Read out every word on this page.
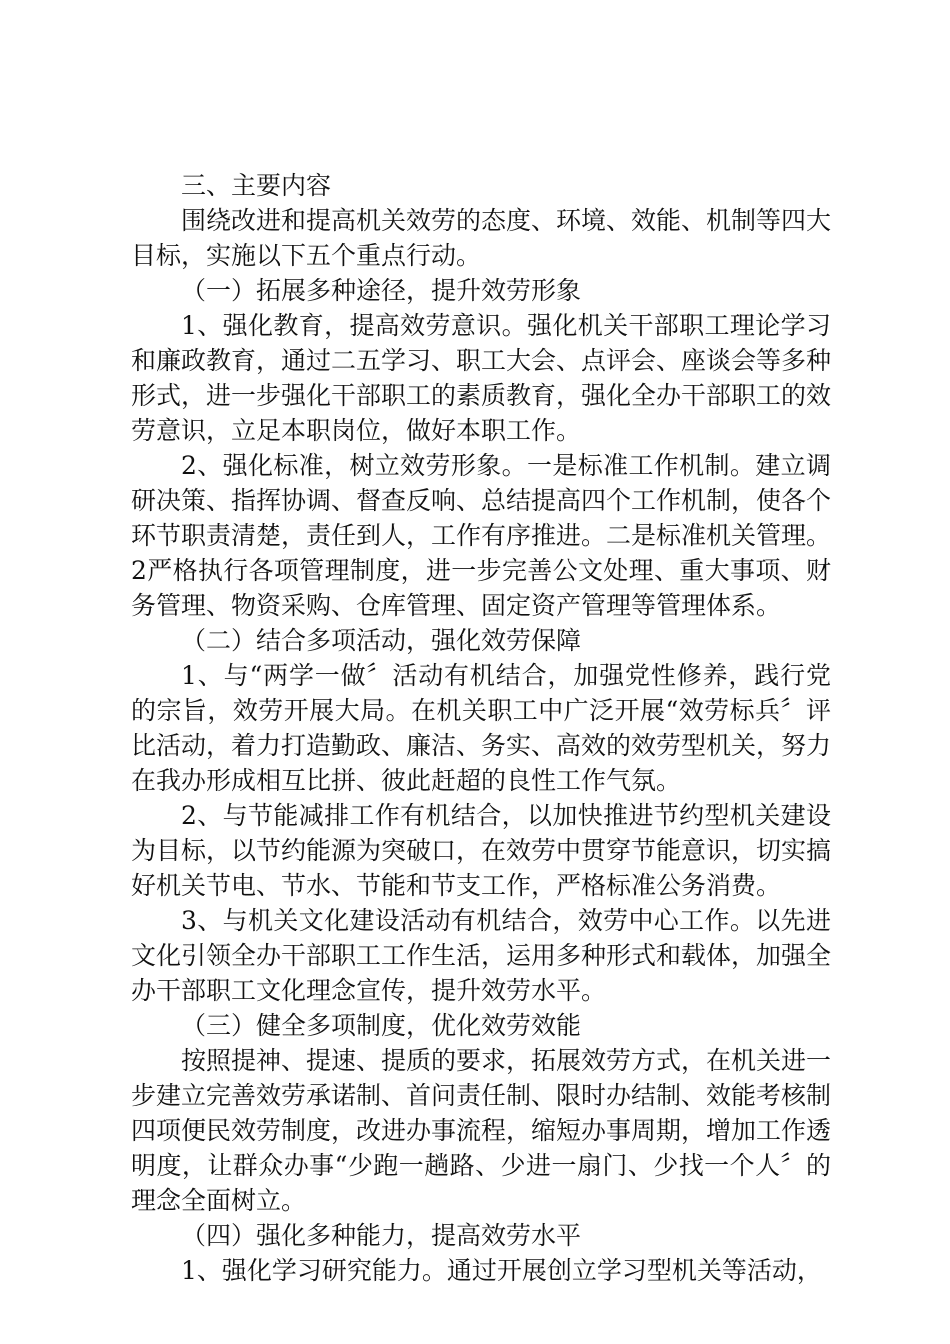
三、主要内容

围绕改进和提高机关效劳的态度、环境、效能、机制等四大目标，实施以下五个重点行动。

（一）拓展多种途径，提升效劳形象

1、强化教育，提高效劳意识。强化机关干部职工理论学习和廉政教育，通过二五学习、职工大会、点评会、座谈会等多种形式，进一步强化干部职工的素质教育，强化全办干部职工的效劳意识，立足本职岗位，做好本职工作。

2、强化标准，树立效劳形象。一是标准工作机制。建立调研决策、指挥协调、督查反响、总结提高四个工作机制，使各个环节职责清楚，责任到人，工作有序推进。二是标准机关管理。2严格执行各项管理制度，进一步完善公文处理、重大事项、财务管理、物资采购、仓库管理、固定资产管理等管理体系。

（二）结合多项活动，强化效劳保障

1、与“两学一做〞活动有机结合，加强党性修养，践行党的宗旨，效劳开展大局。在机关职工中广泛开展“效劳标兵〞评比活动，着力打造勤政、廉洁、务实、高效的效劳型机关，努力在我办形成相互比拼、彼此赶超的良性工作气氛。

2、与节能减排工作有机结合，以加快推进节约型机关建设为目标，以节约能源为突破口，在效劳中贯穿节能意识，切实搞好机关节电、节水、节能和节支工作，严格标准公务消费。

3、与机关文化建设活动有机结合，效劳中心工作。以先进文化引领全办干部职工工作生活，运用多种形式和载体，加强全办干部职工文化理念宣传，提升效劳水平。

（三）健全多项制度，优化效劳效能

按照提神、提速、提质的要求，拓展效劳方式，在机关进一步建立完善效劳承诺制、首问责任制、限时办结制、效能考核制四项便民效劳制度，改进办事流程，缩短办事周期，增加工作透明度，让群众办事“少跑一趟路、少进一扇门、少找一个人〞的理念全面树立。

（四）强化多种能力，提高效劳水平

1、强化学习研究能力。通过开展创立学习型机关等活动，
